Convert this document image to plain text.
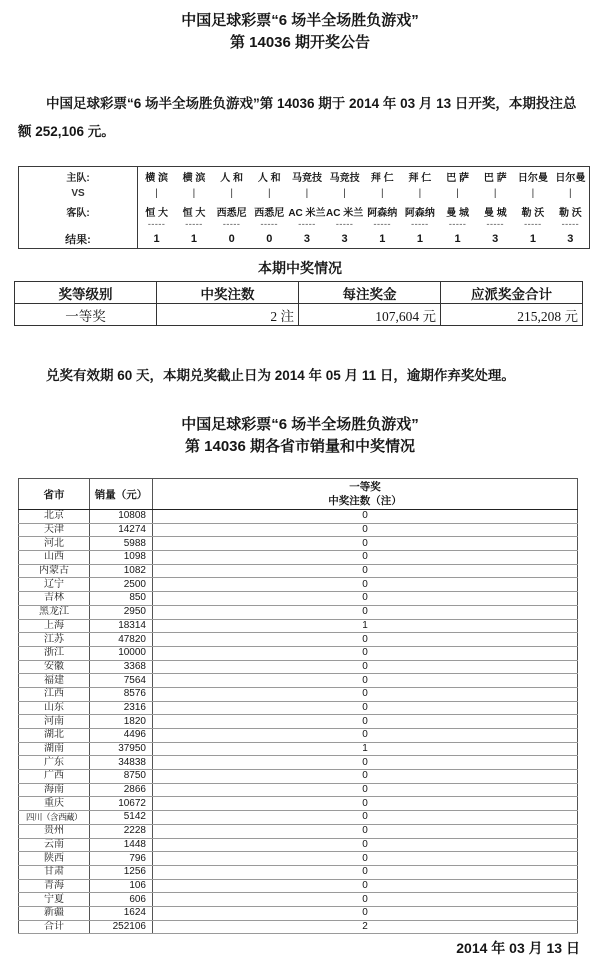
中国足球彩票“6 场半全场胜负游戏”
第 14036 期开奖公告

中国足球彩票“6 场半全场胜负游戏”第 14036 期于 2014 年 03 月 13 日开奖，本期投注总额 252,106 元。

主队:	横 滨	横 滨	人 和	人 和	马竞技	马竞技	拜 仁	拜 仁	巴 萨	巴 萨	日尔曼	日尔曼
VS	|	|	|	|	|	|	|	|	|	|	|	|
客队:	恒 大	恒 大	西悉尼	西悉尼	AC 米兰	AC 米兰	阿森纳	阿森纳	曼 城	曼 城	勒 沃	勒 沃
	-----	-----	-----	-----	-----	-----	-----	-----	-----	-----	-----	-----
结果:	1	1	0	0	3	3	1	1	1	3	1	3
本期中奖情况
奖等级别	中奖注数	每注奖金	应派奖金合计
一等奖	2 注	107,604 元	215,208 元

兑奖有效期 60 天，本期兑奖截止日为 2014 年 05 月 11 日，逾期作弃奖处理。

中国足球彩票“6 场半全场胜负游戏”
第 14036 期各省市销量和中奖情况
省市	销量（元）	一等奖
中奖注数（注）

北京	10808	0
天津	14274	0
河北	5988	0
山西	1098	0
内蒙古	1082	0
辽宁	2500	0
吉林	850	0
黑龙江	2950	0
上海	18314	1
江苏	47820	0
浙江	10000	0
安徽	3368	0
福建	7564	0
江西	8576	0
山东	2316	0
河南	1820	0
湖北	4496	0
湖南	37950	1
广东	34838	0
广西	8750	0
海南	2866	0
重庆	10672	0
四川（含西藏）	5142	0
贵州	2228	0
云南	1448	0
陕西	796	0
甘肃	1256	0
青海	106	0
宁夏	606	0
新疆	1624	0
合计	252106	2
2014 年 03 月 13 日
